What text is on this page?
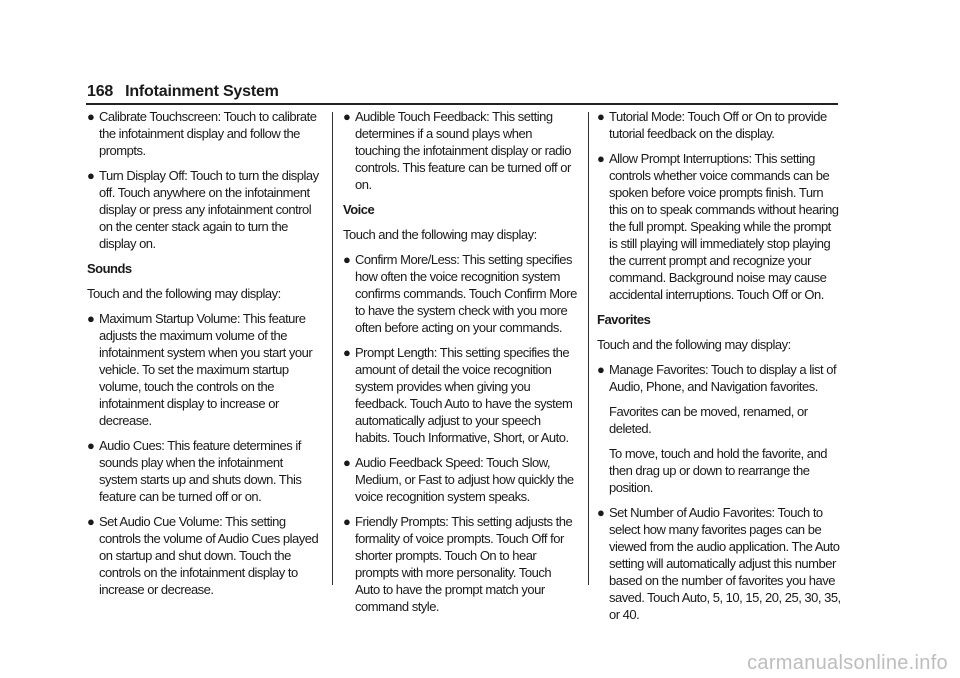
168 Infotainment System
● Calibrate Touchscreen: Touch to calibrate the infotainment display and follow the prompts.
● Turn Display Off: Touch to turn the display off. Touch anywhere on the infotainment display or press any infotainment control on the center stack again to turn the display on.
Sounds
Touch and the following may display:
● Maximum Startup Volume: This feature adjusts the maximum volume of the infotainment system when you start your vehicle. To set the maximum startup volume, touch the controls on the infotainment display to increase or decrease.
● Audio Cues: This feature determines if sounds play when the infotainment system starts up and shuts down. This feature can be turned off or on.
● Set Audio Cue Volume: This setting controls the volume of Audio Cues played on startup and shut down. Touch the controls on the infotainment display to increase or decrease.
● Audible Touch Feedback: This setting determines if a sound plays when touching the infotainment display or radio controls. This feature can be turned off or on.
Voice
Touch and the following may display:
● Confirm More/Less: This setting specifies how often the voice recognition system confirms commands. Touch Confirm More to have the system check with you more often before acting on your commands.
● Prompt Length: This setting specifies the amount of detail the voice recognition system provides when giving you feedback. Touch Auto to have the system automatically adjust to your speech habits. Touch Informative, Short, or Auto.
● Audio Feedback Speed: Touch Slow, Medium, or Fast to adjust how quickly the voice recognition system speaks.
● Friendly Prompts: This setting adjusts the formality of voice prompts. Touch Off for shorter prompts. Touch On to hear prompts with more personality. Touch Auto to have the prompt match your command style.
● Tutorial Mode: Touch Off or On to provide tutorial feedback on the display.
● Allow Prompt Interruptions: This setting controls whether voice commands can be spoken before voice prompts finish. Turn this on to speak commands without hearing the full prompt. Speaking while the prompt is still playing will immediately stop playing the current prompt and recognize your command. Background noise may cause accidental interruptions. Touch Off or On.
Favorites
Touch and the following may display:
● Manage Favorites: Touch to display a list of Audio, Phone, and Navigation favorites.
Favorites can be moved, renamed, or deleted.
To move, touch and hold the favorite, and then drag up or down to rearrange the position.
● Set Number of Audio Favorites: Touch to select how many favorites pages can be viewed from the audio application. The Auto setting will automatically adjust this number based on the number of favorites you have saved. Touch Auto, 5, 10, 15, 20, 25, 30, 35, or 40.
carmanualsonline.info
